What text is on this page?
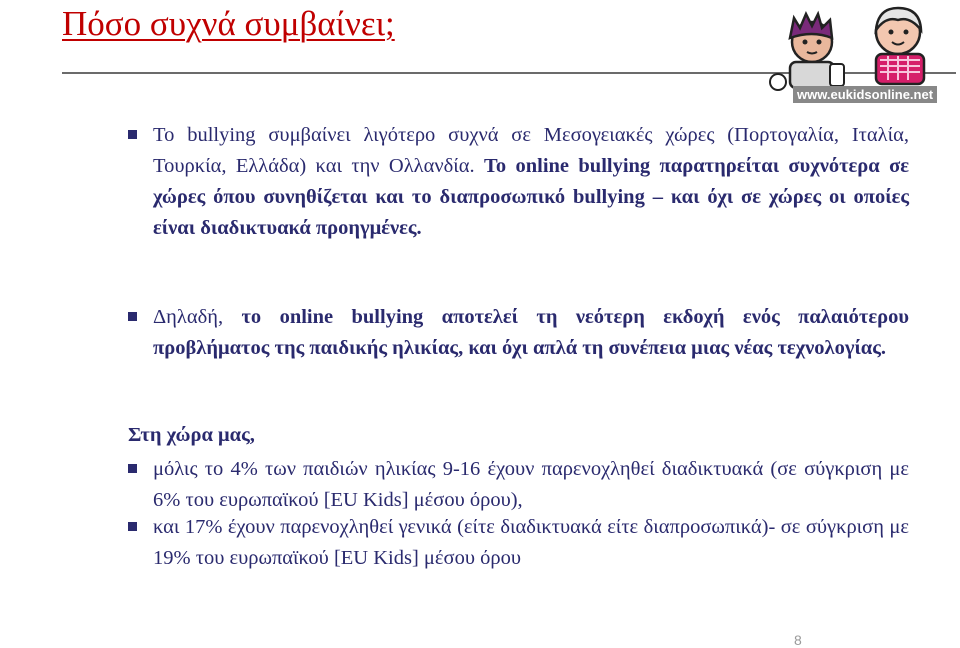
Πόσο συχνά συμβαίνει;
www.eukidsonline.net

Το bullying συμβαίνει λιγότερο συχνά σε Μεσογειακές χώρες (Πορτογαλία, Ιταλία, Τουρκία, Ελλάδα) και την Ολλανδία. Το online bullying παρατηρείται συχνότερα σε χώρες όπου συνηθίζεται και το διαπροσωπικό bullying – και όχι σε χώρες οι οποίες είναι διαδικτυακά προηγμένες.

Δηλαδή, το online bullying αποτελεί τη νεότερη εκδοχή ενός παλαιότερου προβλήματος της παιδικής ηλικίας, και όχι απλά τη συνέπεια μιας νέας τεχνολογίας.

Στη χώρα μας,

μόλις το 4% των παιδιών ηλικίας 9-16 έχουν παρενοχληθεί διαδικτυακά (σε σύγκριση με 6% του ευρωπαϊκού [EU Kids] μέσου όρου),

και 17% έχουν παρενοχληθεί γενικά (είτε διαδικτυακά είτε διαπροσωπικά)- σε σύγκριση με 19% του ευρωπαϊκού [EU Kids] μέσου όρου

8
